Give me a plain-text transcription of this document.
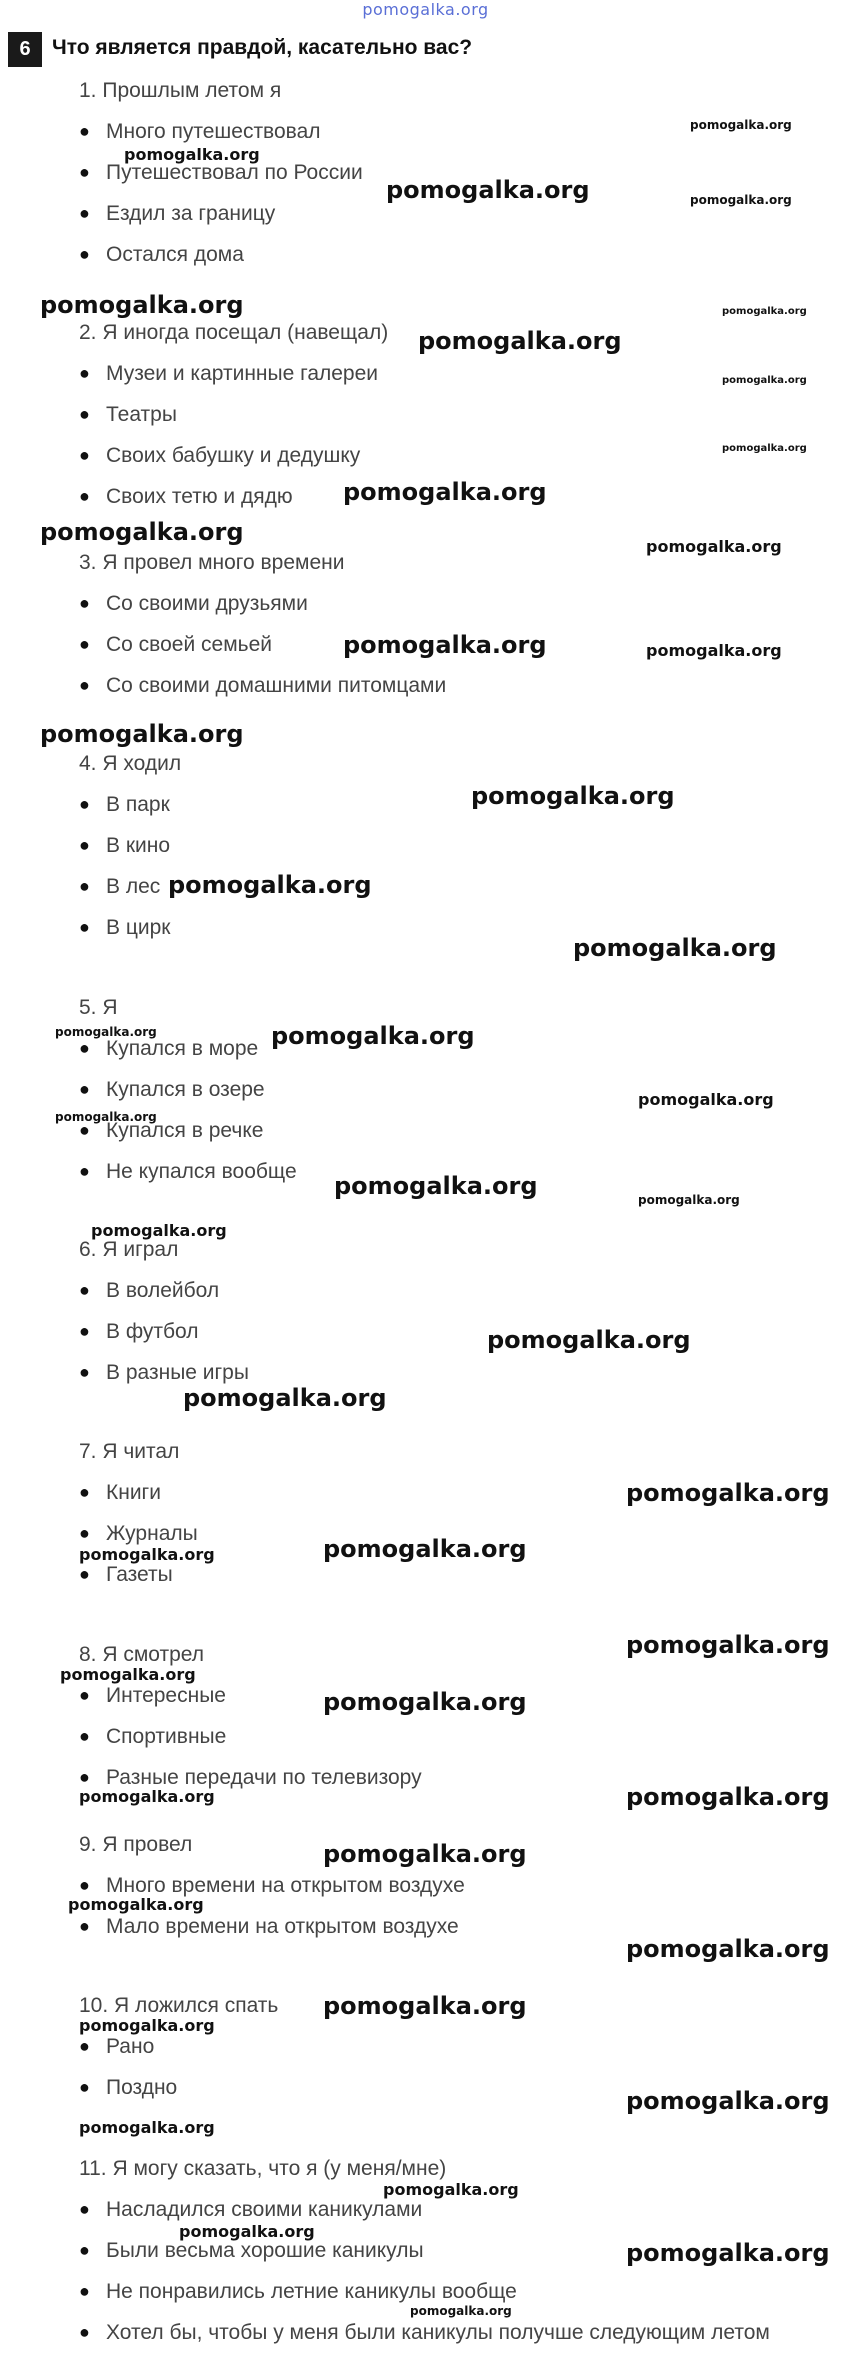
pomogalka.org
6	Что является правдой, касательно вас?
1. Прошлым летом я
● Много путешествовал
● Путешествовал по России
● Ездил за границу
● Остался дома
2. Я иногда посещал (навещал)
● Музеи и картинные галереи
● Театры
● Своих бабушку и дедушку
● Своих тетю и дядю
3. Я провел много времени
● Со своими друзьями
● Со своей семьей
● Со своими домашними питомцами
4. Я ходил
● В парк
● В кино
● В лес
● В цирк
5. Я
● Купался в море
● Купался в озере
● Купался в речке
● Не купался вообще
6. Я играл
● В волейбол
● В футбол
● В разные игры
7. Я читал
● Книги
● Журналы
● Газеты
8. Я смотрел
● Интересные
● Спортивные
● Разные передачи по телевизору
9. Я провел
● Много времени на открытом воздухе
● Мало времени на открытом воздухе
10. Я ложился спать
● Рано
● Поздно
11. Я могу сказать, что я (у меня/мне)
● Насладился своими каникулами
● Были весьма хорошие каникулы
● Не понравились летние каникулы вообще
● Хотел бы, чтобы у меня были каникулы получше следующим летом
pomogalka.org
pomogalka.org
pomogalka.org	pomogalka.org
pomogalka.org	pomogalka.org
pomogalka.org
pomogalka.org
pomogalka.org
pomogalka.org
pomogalka.org
pomogalka.org
pomogalka.org	pomogalka.org
pomogalka.org
pomogalka.org
pomogalka.org
pomogalka.org
pomogalka.org	pomogalka.org
pomogalka.org
pomogalka.org
pomogalka.org	pomogalka.org
pomogalka.org
pomogalka.org
pomogalka.org
pomogalka.org
pomogalka.org	pomogalka.org
pomogalka.org
pomogalka.org
pomogalka.org
pomogalka.org	pomogalka.org
pomogalka.org
pomogalka.org
pomogalka.org
pomogalka.org
pomogalka.org
pomogalka.org
pomogalka.org
pomogalka.org
pomogalka.org
pomogalka.org
pomogalka.org
